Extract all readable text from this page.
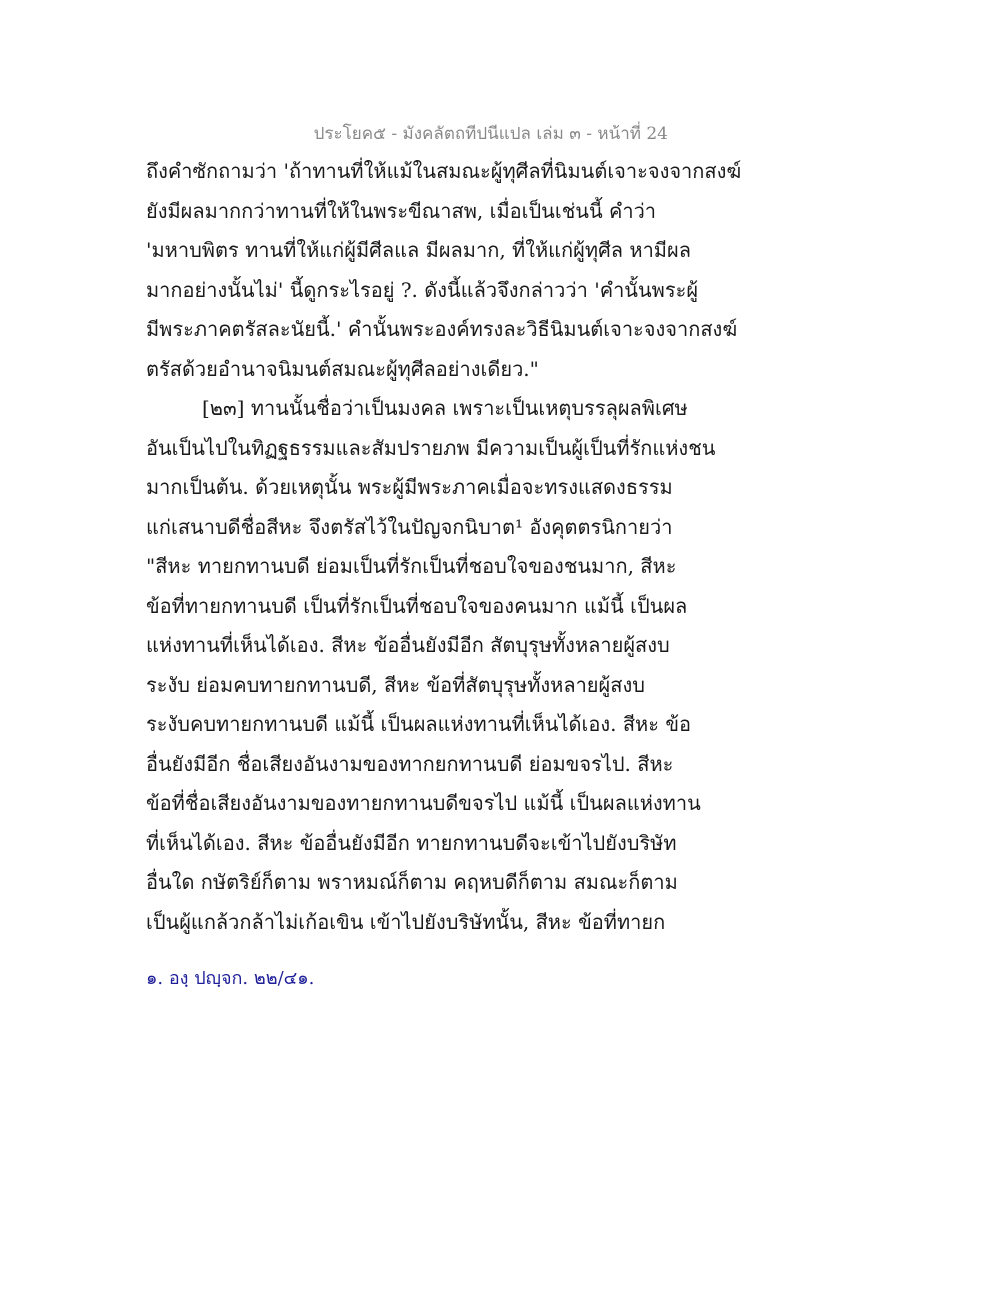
ประโยค๕ - มังคลัตถทีปนีแปล เล่ม ๓ - หน้าที่ 24
ถึงคำซักถามว่า 'ถ้าทานที่ให้แม้ในสมณะผู้ทุศีลที่นิมนต์เจาะจงจากสงฆ์
ยังมีผลมากกว่าทานที่ให้ในพระขีณาสพ, เมื่อเป็นเช่นนี้ คำว่า
'มหาบพิตร ทานที่ให้แก่ผู้มีศีลแล มีผลมาก, ที่ให้แก่ผู้ทุศีล หามีผล
มากอย่างนั้นไม่' นี้ดูกระไรอยู่ ?. ดังนี้แล้วจึงกล่าวว่า 'คำนั้นพระผู้
มีพระภาคตรัสละนัยนี้.' คำนั้นพระองค์ทรงละวิธีนิมนต์เจาะจงจากสงฆ์
ตรัสด้วยอำนาจนิมนต์สมณะผู้ทุศีลอย่างเดียว."
[๒๓] ทานนั้นชื่อว่าเป็นมงคล เพราะเป็นเหตุบรรลุผลพิเศษ
อันเป็นไปในทิฏฐธรรมและสัมปรายภพ มีความเป็นผู้เป็นที่รักแห่งชน
มากเป็นต้น. ด้วยเหตุนั้น พระผู้มีพระภาคเมื่อจะทรงแสดงธรรม
แก่เสนาบดีชื่อสีหะ จึงตรัสไว้ในปัญจกนิบาต¹ อังคุตตรนิกายว่า
"สีหะ ทายกทานบดี ย่อมเป็นที่รักเป็นที่ชอบใจของชนมาก, สีหะ
ข้อที่ทายกทานบดี เป็นที่รักเป็นที่ชอบใจของคนมาก แม้นี้ เป็นผล
แห่งทานที่เห็นได้เอง. สีหะ ข้ออื่นยังมีอีก สัตบุรุษทั้งหลายผู้สงบ
ระงับ ย่อมคบทายกทานบดี, สีหะ ข้อที่สัตบุรุษทั้งหลายผู้สงบ
ระงับคบทายกทานบดี แม้นี้ เป็นผลแห่งทานที่เห็นได้เอง. สีหะ ข้อ
อื่นยังมีอีก ชื่อเสียงอันงามของทากยกทานบดี ย่อมขจรไป. สีหะ
ข้อที่ชื่อเสียงอันงามของทายกทานบดีขจรไป แม้นี้ เป็นผลแห่งทาน
ที่เห็นได้เอง. สีหะ ข้ออื่นยังมีอีก ทายกทานบดีจะเข้าไปยังบริษัท
อื่นใด กษัตริย์ก็ตาม พราหมณ์ก็ตาม คฤหบดีก็ตาม สมณะก็ตาม
เป็นผู้แกล้วกล้าไม่เก้อเขิน เข้าไปยังบริษัทนั้น, สีหะ ข้อที่ทายก
๑. องฺ ปญฺจก. ๒๒/๔๑.
